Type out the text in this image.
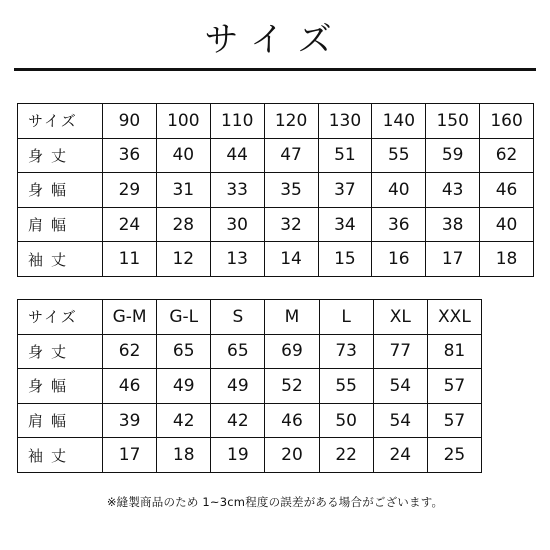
サイズ
サイズ	90	100	110	120	130	140	150	160
身丈	36	40	44	47	51	55	59	62
身幅	29	31	33	35	37	40	43	46
肩幅	24	28	30	32	34	36	38	40
袖丈	11	12	13	14	15	16	17	18
サイズ	G-M	G-L	S	M	L	XL	XXL
身丈	62	65	65	69	73	77	81
身幅	46	49	49	52	55	54	57
肩幅	39	42	42	46	50	54	57
袖丈	17	18	19	20	22	24	25
※縫製商品のため 1~3cm程度の誤差がある場合がございます。
